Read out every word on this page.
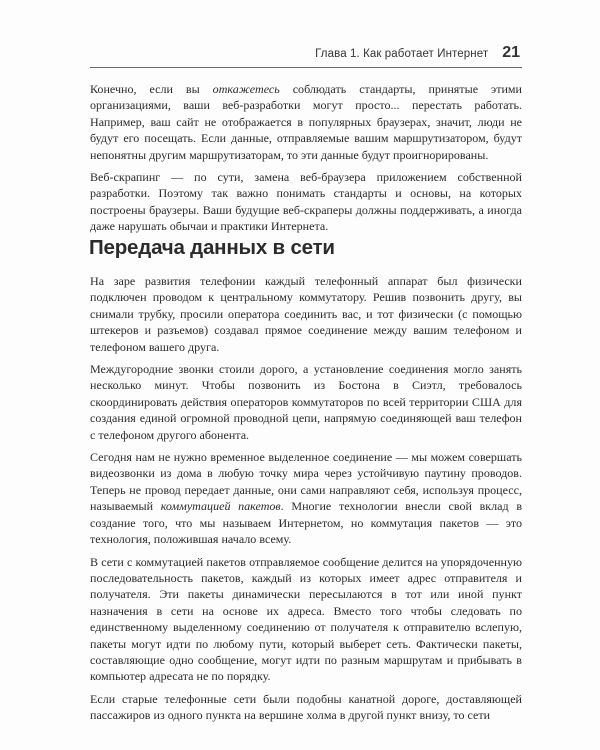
Глава 1. Как работает Интернет 21

Конечно, если вы откажетесь соблюдать стандарты, принятые этими организациями, ваши веб-разработки могут просто... перестать работать. Например, ваш сайт не отображается в популярных браузерах, значит, люди не будут его посещать. Если данные, отправляемые вашим маршрутизатором, будут непонятны другим маршрутизаторам, то эти данные будут проигнорированы.

Веб-скрапинг — по сути, замена веб-браузера приложением собственной разработки. Поэтому так важно понимать стандарты и основы, на которых построены браузеры. Ваши будущие веб-скраперы должны поддерживать, а иногда даже нарушать обычаи и практики Интернета.

Передача данных в сети

На заре развития телефонии каждый телефонный аппарат был физически подключен проводом к центральному коммутатору. Решив позвонить другу, вы снимали трубку, просили оператора соединить вас, и тот физически (с помощью штекеров и разъемов) создавал прямое соединение между вашим телефоном и телефоном вашего друга.

Междугородние звонки стоили дорого, а установление соединения могло занять несколько минут. Чтобы позвонить из Бостона в Сиэтл, требовалось скоординировать действия операторов коммутаторов по всей территории США для создания единой огромной проводной цепи, напрямую соединяющей ваш телефон с телефоном другого абонента.

Сегодня нам не нужно временное выделенное соединение — мы можем совершать видеозвонки из дома в любую точку мира через устойчивую паутину проводов. Теперь не провод передает данные, они сами направляют себя, используя процесс, называемый коммутацией пакетов. Многие технологии внесли свой вклад в создание того, что мы называем Интернетом, но коммутация пакетов — это технология, положившая начало всему.

В сети с коммутацией пакетов отправляемое сообщение делится на упорядоченную последовательность пакетов, каждый из которых имеет адрес отправителя и получателя. Эти пакеты динамически пересылаются в тот или иной пункт назначения в сети на основе их адреса. Вместо того чтобы следовать по единственному выделенному соединению от получателя к отправителю вслепую, пакеты могут идти по любому пути, который выберет сеть. Фактически пакеты, составляющие одно сообщение, могут идти по разным маршрутам и прибывать в компьютер адресата не по порядку.

Если старые телефонные сети были подобны канатной дороге, доставляющей пассажиров из одного пункта на вершине холма в другой пункт внизу, то сети
